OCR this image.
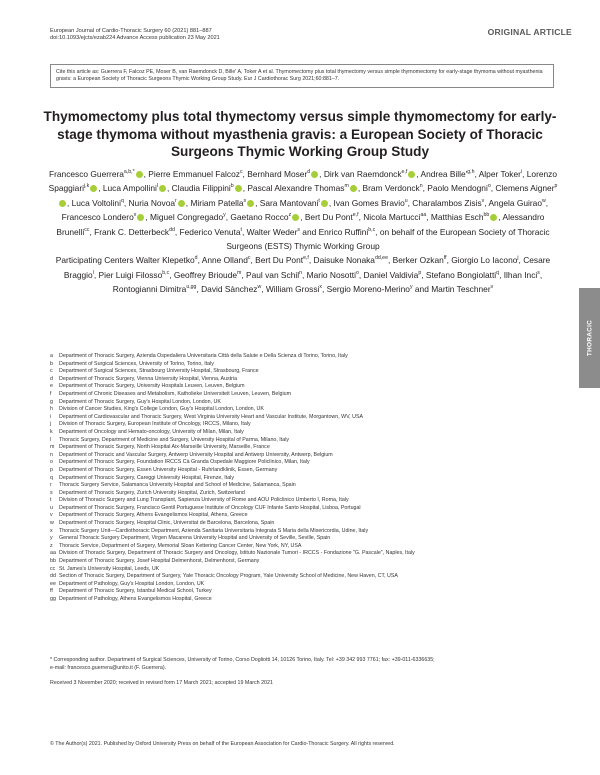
European Journal of Cardio-Thoracic Surgery 60 (2021) 881–887
doi:10.1093/ejcts/ezab224 Advance Access publication 23 May 2021
ORIGINAL ARTICLE
Cite this article as: Guerrera F, Falcoz PE, Moser B, van Raemdonck D, Bille' A, Toker A et al. Thymomectomy plus total thymectomy versus simple thymomectomy for early-stage thymoma without myasthenia gravis: a European Society of Thoracic Surgeons Thymic Working Group Study. Eur J Cardiothorac Surg 2021;60:881–7.
Thymomectomy plus total thymectomy versus simple thymomectomy for early-stage thymoma without myasthenia gravis: a European Society of Thoracic Surgeons Thymic Working Group Study
Francesco Guerrera$^{a,b,*}$ , Pierre Emmanuel Falcoz$^c$, Bernhard Moser$^d$ , Dirk van Raemdonck$^{e,f}$ , Andrea $Bille'^{g,h}$, Alper Toker$^i$, Lorenzo Spaggiari$^{j,k}$ , Luca Ampollini$^l$ , Claudia Filippini$^b$ , Pascal Alexandre Thomas$^m$ , Bram Verdonck$^n$, Paolo Mendogni$^o$, Clemens Aigner$^p$, Luca Voltolini$^q$, Nuria Novoa$^r$ , Miriam Patella$^s$ , Sara Mantovani$^t$ , Ivan Gomes Bravio$^u$, Charalambos Zisis$^v$, Angela Guirao$^w$, Francesco Londero$^x$ , Miguel Congregado$^y$, Gaetano Rocco$^z$ , Bert Du Pont$^{e,f}$, Nicola Martucci$^{aa}$, Matthias Esch$^{bb}$ , Alessandro Brunelli$^{cc}$, Frank C. Detterbeck$^{dd}$, Federico Venuta$^t$, Walter Weder$^s$ and Enrico Ruffini$^{b,c}$, on behalf of the European Society of Thoracic Surgeons (ESTS) Thymic Working Group
Participating Centers Walter Klepetko$^d$, Anne Olland$^c$, Bert Du Pont$^{e,f}$, Daisuke Nonaka$^{dd,ee}$, Berker Ozkan$^{ff}$, Giorgio Lo Iacono$^j$, Cesare Braggio$^l$, Pier Luigi Filosso$^{b,c}$, Geoffrey Brioude$^m$, Paul van Schil$^n$, Mario Nosotti$^o$, Daniel Valdivia$^p$, Stefano Bongiolatti$^q$, Ilhan Inci$^s$, Rontogianni Dimitra$^{u,gg}$, David Sànchez$^w$, William Grossi$^x$, Sergio Moreno-Merino$^y$ and Martin Teschner$^v$
THORACIC
a	Department of Thoracic Surgery, Azienda Ospedaliera Universitaria Città della Salute e Della Scienza di Torino, Torino, Italy
b	Department of Surgical Sciences, University of Torino, Torino, Italy
c	Department of Surgical Sciences, Strasbourg University Hospital, Strasbourg, France
d	Department of Thoracic Surgery, Vienna University Hospital, Vienna, Austria
e	Department of Thoracic Surgery, University Hospitals Leuven, Leuven, Belgium
f	Department of Chronic Diseases and Metabolism, Katholieke Universiteit Leuven, Leuven, Belgium
g	Department of Thoracic Surgery, Guy's Hospital London, London, UK
h	Division of Cancer Studies, King's College London, Guy's Hospital London, London, UK
i	Department of Cardiovascular and Thoracic Surgery, West Virginia University Heart and Vascular Institute, Morgantown, WV, USA
j	Division of Thoracic Surgery, European Institute of Oncology, IRCCS, Milano, Italy
k	Department of Oncology and Hemato-oncology, University of Milan, Milan, Italy
l	Thoracic Surgery, Department of Medicine and Surgery, University Hospital of Parma, Milano, Italy
m Department of Thoracic Surgery, North Hospital Aix-Marseille University, Marseille, France
n	Department of Thoracic and Vascular Surgery, Antwerp University Hospital and Antwerp University, Antwerp, Belgium
o	Department of Thoracic Surgery, Foundation IRCCS Cà Granda Ospedale Maggiore Policlinico, Milan, Italy
p	Department of Thoracic Surgery, Essen University Hospital - Ruhrlandklinik, Essen, Germany
q	Department of Thoracic Surgery, Careggi University Hospital, Firenze, Italy
r	Thoracic Surgery Service, Salamanca University Hospital and School of Medicine, Salamanca, Spain
s	Department of Thoracic Surgery, Zurich University Hospital, Zurich, Switzerland
t	Division of Thoracic Surgery and Lung Transplant, Sapienza University of Rome and AOU Policlinico Umberto I, Roma, Italy
u	Department of Thoracic Surgery, Francisco Gentil Portuguese Institute of Oncology CUF Infante Santo Hospital, Lisboa, Portugal
v	Department of Thoracic Surgery, Athens Evangelismos Hospital, Athens, Greece
w Department of Thoracic Surgery, Hospital Clinic, Universitat de Barcelona, Barcelona, Spain
x	Thoracic Surgery Unit—Cardiothoracic Department, Azienda Sanitaria Universitaria Integrata S Maria della Misericordia, Udine, Italy
y	General Thoracic Surgery Department, Virgen Macarena University Hospital and University of Seville, Seville, Spain
z	Thoracic Service, Department of Surgery, Memorial Sloan Kettering Cancer Center, New York, NY, USA
aa Division of Thoracic Surgery, Department of Thoracic Surgery and Oncology, Istituto Nazionale Tumori - IRCCS - Fondazione "G. Pascale", Naples, Italy
bb Department of Thoracic Surgery, Josef Hospital Delmenhorst, Delmenhorst, Germany
cc St. James's University Hospital, Leeds, UK
dd Section of Thoracic Surgery, Department of Surgery, Yale Thoracic Oncology Program, Yale University School of Medicine, New Haven, CT, USA
ee Department of Pathology, Guy's Hospital London, London, UK
ff	Department of Thoracic Surgery, Istanbul Medical School, Turkey
gg Department of Pathology, Athens Evangelismos Hospital, Greece
* Corresponding author. Department of Surgical Sciences, University of Torino, Corso Dogliotti 14, 10126 Torino, Italy. Tel: +39 342 993 7761; fax: +39-011-6336635;
e-mail: francesco.guerrera@unito.it (F. Guerrera).
Received 3 November 2020; received in revised form 17 March 2021; accepted 19 March 2021
© The Author(s) 2021. Published by Oxford University Press on behalf of the European Association for Cardio-Thoracic Surgery. All rights reserved.
